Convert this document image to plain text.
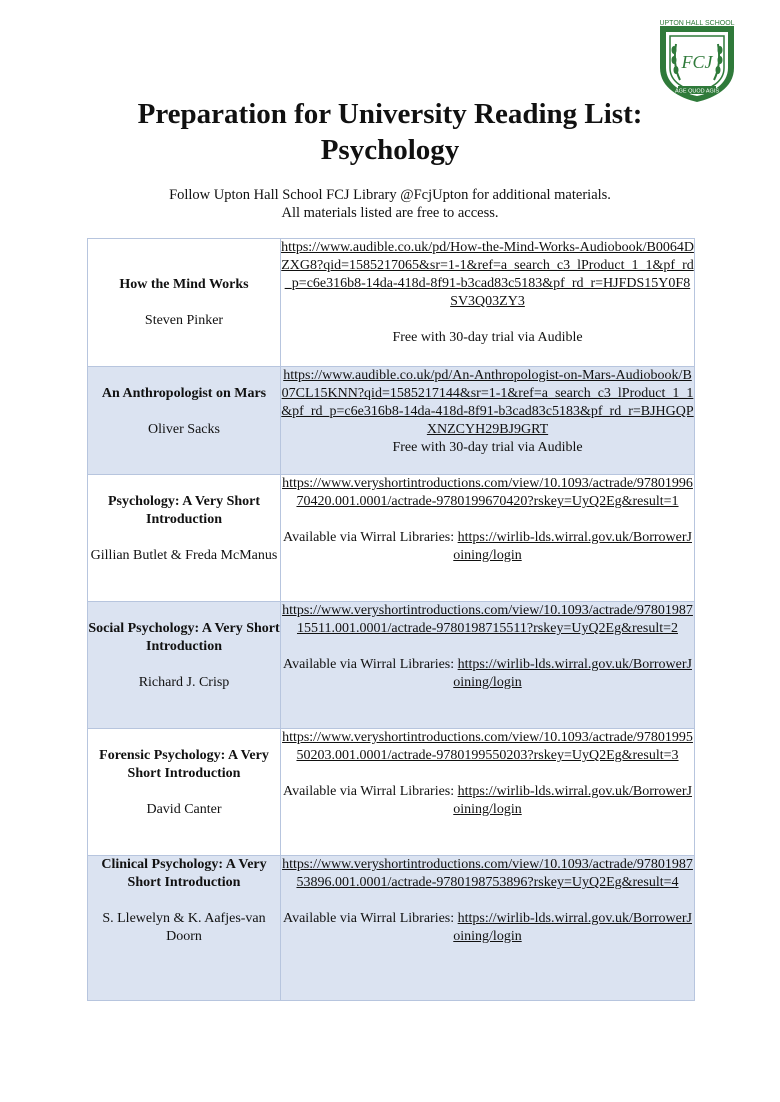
FCJ
UPTON HALL SCHOOL
AGE QUOD AGIS
Preparation for University Reading List:
Psychology
Follow Upton Hall School FCJ Library @FcjUpton for additional materials.
All materials listed are free to access.
How the Mind Works
Steven Pinker	https://www.audible.co.uk/pd/How-the-Mind-Works-Audiobook/B0064DZXG8?qid=1585217065&sr=1-1&ref=a_search_c3_lProduct_1_1&pf_rd_p=c6e316b8-14da-418d-8f91-b3cad83c5183&pf_rd_r=HJFDS15Y0F8SV3Q03ZY3
Free with 30-day trial via Audible

An Anthropologist on Mars
Oliver Sacks	https://www.audible.co.uk/pd/An-Anthropologist-on-Mars-Audiobook/B07CL15KNN?qid=1585217144&sr=1-1&ref=a_search_c3_lProduct_1_1&pf_rd_p=c6e316b8-14da-418d-8f91-b3cad83c5183&pf_rd_r=BJHGQPXNZCYH29BJ9GRT
Free with 30-day trial via Audible

Psychology: A Very Short Introduction
Gillian Butlet & Freda McManus	https://www.veryshortintroductions.com/view/10.1093/actrade/9780199670420.001.0001/actrade-9780199670420?rskey=UyQ2Eg&result=1
Available via Wirral Libraries: https://wirlib-lds.wirral.gov.uk/BorrowerJoining/login

Social Psychology: A Very Short Introduction
Richard J. Crisp	https://www.veryshortintroductions.com/view/10.1093/actrade/9780198715511.001.0001/actrade-9780198715511?rskey=UyQ2Eg&result=2
Available via Wirral Libraries: https://wirlib-lds.wirral.gov.uk/BorrowerJoining/login

Forensic Psychology: A Very Short Introduction
David Canter	https://www.veryshortintroductions.com/view/10.1093/actrade/9780199550203.001.0001/actrade-9780199550203?rskey=UyQ2Eg&result=3
Available via Wirral Libraries: https://wirlib-lds.wirral.gov.uk/BorrowerJoining/login

Clinical Psychology: A Very Short Introduction
S. Llewelyn & K. Aafjes-van Doorn	https://www.veryshortintroductions.com/view/10.1093/actrade/9780198753896.001.0001/actrade-9780198753896?rskey=UyQ2Eg&result=4
Available via Wirral Libraries: https://wirlib-lds.wirral.gov.uk/BorrowerJoining/login
